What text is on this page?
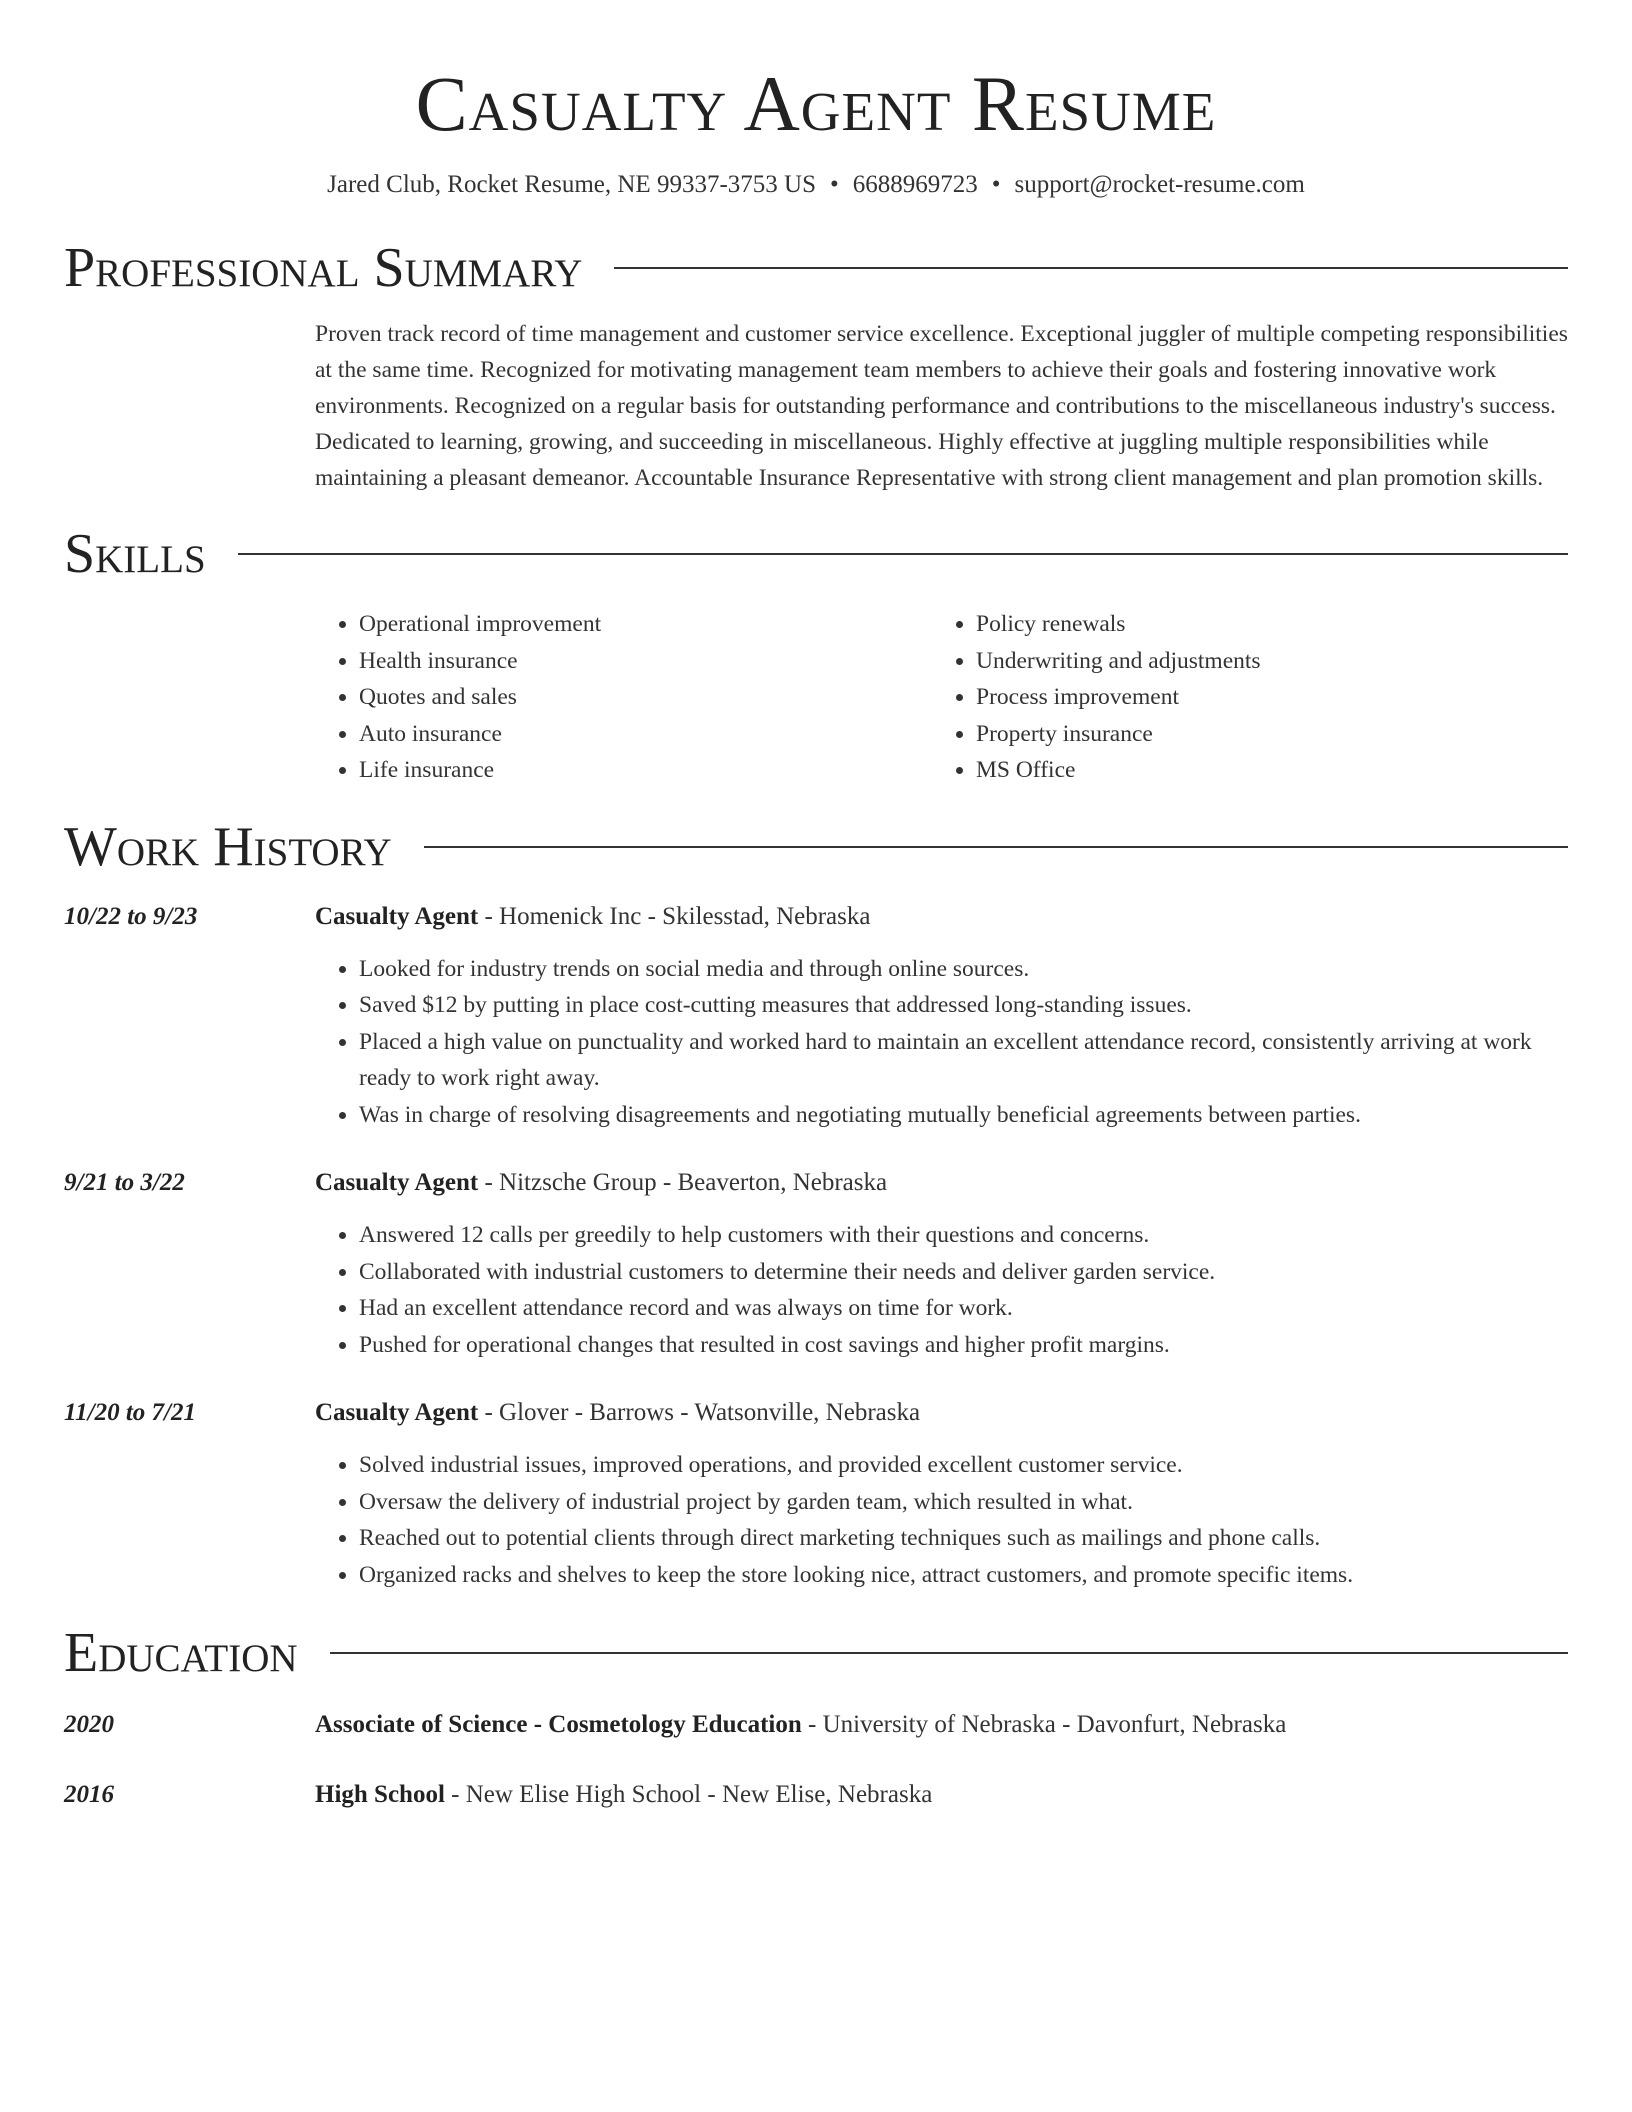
Casualty Agent Resume
Jared Club, Rocket Resume, NE 99337-3753 US • 6688969723 • support@rocket-resume.com
Professional Summary
Proven track record of time management and customer service excellence. Exceptional juggler of multiple competing responsibilities at the same time. Recognized for motivating management team members to achieve their goals and fostering innovative work environments. Recognized on a regular basis for outstanding performance and contributions to the miscellaneous industry's success. Dedicated to learning, growing, and succeeding in miscellaneous. Highly effective at juggling multiple responsibilities while maintaining a pleasant demeanor. Accountable Insurance Representative with strong client management and plan promotion skills.
Skills
• Operational improvement
• Health insurance
• Quotes and sales
• Auto insurance
• Life insurance
• Policy renewals
• Underwriting and adjustments
• Process improvement
• Property insurance
• MS Office
Work History
10/22 to 9/23	Casualty Agent - Homenick Inc - Skilesstad, Nebraska
• Looked for industry trends on social media and through online sources.
• Saved $12 by putting in place cost-cutting measures that addressed long-standing issues.
• Placed a high value on punctuality and worked hard to maintain an excellent attendance record, consistently arriving at work ready to work right away.
• Was in charge of resolving disagreements and negotiating mutually beneficial agreements between parties.
9/21 to 3/22	Casualty Agent - Nitzsche Group - Beaverton, Nebraska
• Answered 12 calls per greedily to help customers with their questions and concerns.
• Collaborated with industrial customers to determine their needs and deliver garden service.
• Had an excellent attendance record and was always on time for work.
• Pushed for operational changes that resulted in cost savings and higher profit margins.
11/20 to 7/21	Casualty Agent - Glover - Barrows - Watsonville, Nebraska
• Solved industrial issues, improved operations, and provided excellent customer service.
• Oversaw the delivery of industrial project by garden team, which resulted in what.
• Reached out to potential clients through direct marketing techniques such as mailings and phone calls.
• Organized racks and shelves to keep the store looking nice, attract customers, and promote specific items.
Education
2020	Associate of Science - Cosmetology Education - University of Nebraska - Davonfurt, Nebraska
2016	High School - New Elise High School - New Elise, Nebraska
